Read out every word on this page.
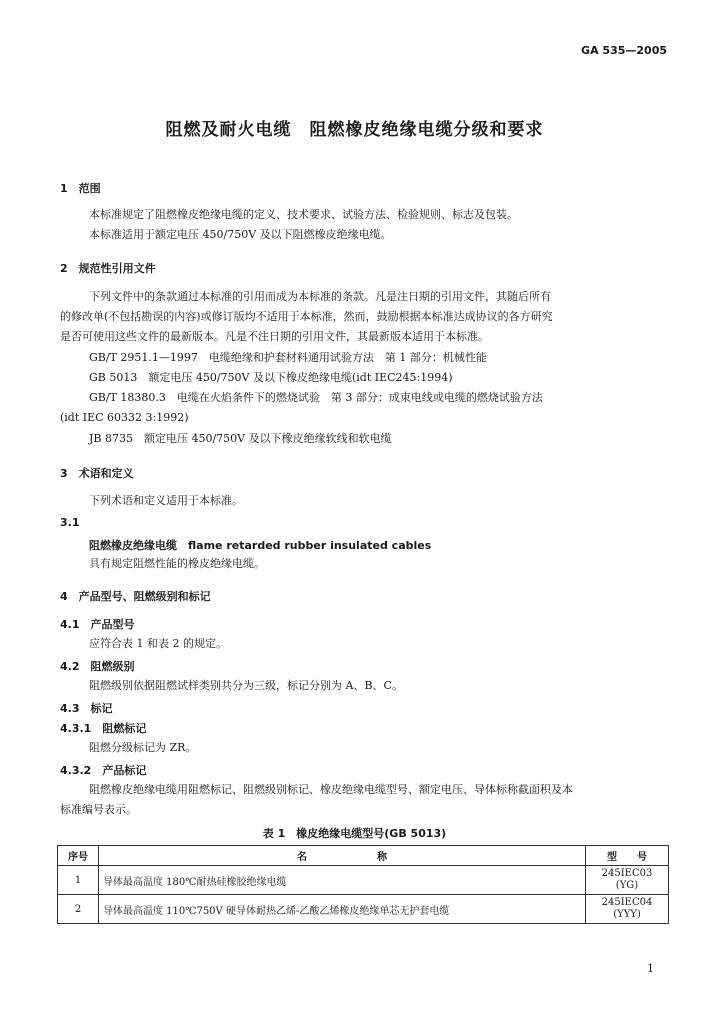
GA 535—2005
阻燃及耐火电缆　阻燃橡皮绝缘电缆分级和要求
1　范围
本标准规定了阻燃橡皮绝缘电缆的定义、技术要求、试验方法、检验规则、标志及包装。
本标准适用于额定电压 450/750V 及以下阻燃橡皮绝缘电缆。
2　规范性引用文件
下列文件中的条款通过本标准的引用而成为本标准的条款。凡是注日期的引用文件，其随后所有
的修改单(不包括勘误的内容)或修订版均不适用于本标准，然而，鼓励根据本标准达成协议的各方研究
是否可使用这些文件的最新版本。凡是不注日期的引用文件，其最新版本适用于本标准。
GB/T 2951.1—1997　电缆绝缘和护套材料通用试验方法　第 1 部分：机械性能
GB 5013　额定电压 450/750V 及以下橡皮绝缘电缆(idt IEC245:1994)
GB/T 18380.3　电缆在火焰条件下的燃烧试验　第 3 部分：成束电线或电缆的燃烧试验方法
(idt IEC 60332 3:1992)
JB 8735　额定电压 450/750V 及以下橡皮绝缘软线和软电缆
3　术语和定义
下列术语和定义适用于本标准。
3.1
阻燃橡皮绝缘电缆　flame retarded rubber insulated cables
具有规定阻燃性能的橡皮绝缘电缆。
4　产品型号、阻燃级别和标记
4.1　产品型号
应符合表 1 和表 2 的规定。
4.2　阻燃级别
阻燃级别依据阻燃试样类别共分为三级，标记分别为 A、B、C。
4.3　标记
4.3.1　阻燃标记
阻燃分级标记为 ZR。
4.3.2　产品标记
阻燃橡皮绝缘电缆用阻燃标记、阻燃级别标记、橡皮绝缘电缆型号、额定电压、导体标称截面积及本
标准编号表示。
表 1　橡皮绝缘电缆型号(GB 5013)
序号	名　　　　　　　称	型　　号
1	导体最高温度 180℃耐热硅橡胶绝缘电缆	245IEC03
(YG)
2	导体最高温度 110℃750V 硬导体耐热乙烯-乙酸乙烯橡皮绝缘单芯无护套电缆	245IEC04
(YYY)
1
